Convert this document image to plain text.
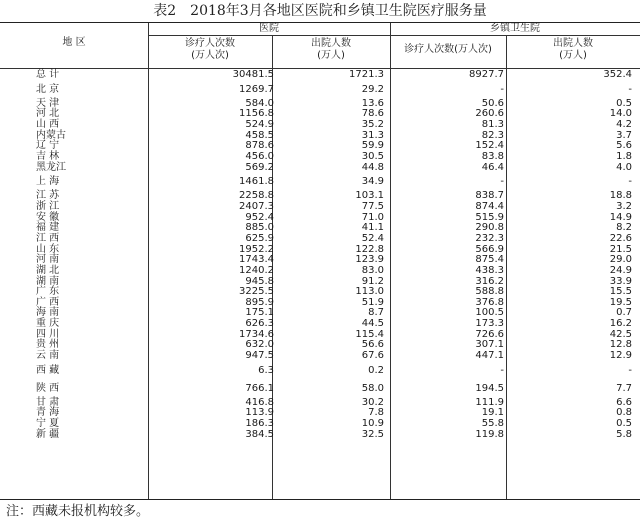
表2　2018年3月各地区医院和乡镇卫生院医疗服务量
地 区
医院	乡镇卫生院
诊疗人次数
(万人次)
出院人数
(万人)
诊疗人次数(万人次)
出院人数
(万人)
总 计	30481.5	1721.3	8927.7	352.4
北 京	1269.7	29.2	-	-
天 津	584.0	13.6	50.6	0.5
河 北	1156.8	78.6	260.6	14.0
山 西	524.9	35.2	81.3	4.2
内蒙古	458.5	31.3	82.3	3.7
辽 宁	878.6	59.9	152.4	5.6
吉 林	456.0	30.5	83.8	1.8
黑龙江	569.2	44.8	46.4	4.0
上 海	1461.8	34.9	-	-
江 苏	2258.8	103.1	838.7	18.8
浙 江	2407.3	77.5	874.4	3.2
安 徽	952.4	71.0	515.9	14.9
福 建	885.0	41.1	290.8	8.2
江 西	625.9	52.4	232.3	22.6
山 东	1952.2	122.8	566.9	21.5
河 南	1743.4	123.9	875.4	29.0
湖 北	1240.2	83.0	438.3	24.9
湖 南	945.8	91.2	316.2	33.9
广 东	3225.5	113.0	588.8	15.5
广 西	895.9	51.9	376.8	19.5
海 南	175.1	8.7	100.5	0.7
重 庆	626.3	44.5	173.3	16.2
四 川	1734.6	115.4	726.6	42.5
贵 州	632.0	56.6	307.1	12.8
云 南	947.5	67.6	447.1	12.9
西 藏	6.3	0.2	-	-
陕 西	766.1	58.0	194.5	7.7
甘 肃	416.8	30.2	111.9	6.6
青 海	113.9	7.8	19.1	0.8
宁 夏	186.3	10.9	55.8	0.5
新 疆	384.5	32.5	119.8	5.8
注：西藏未报机构较多。
